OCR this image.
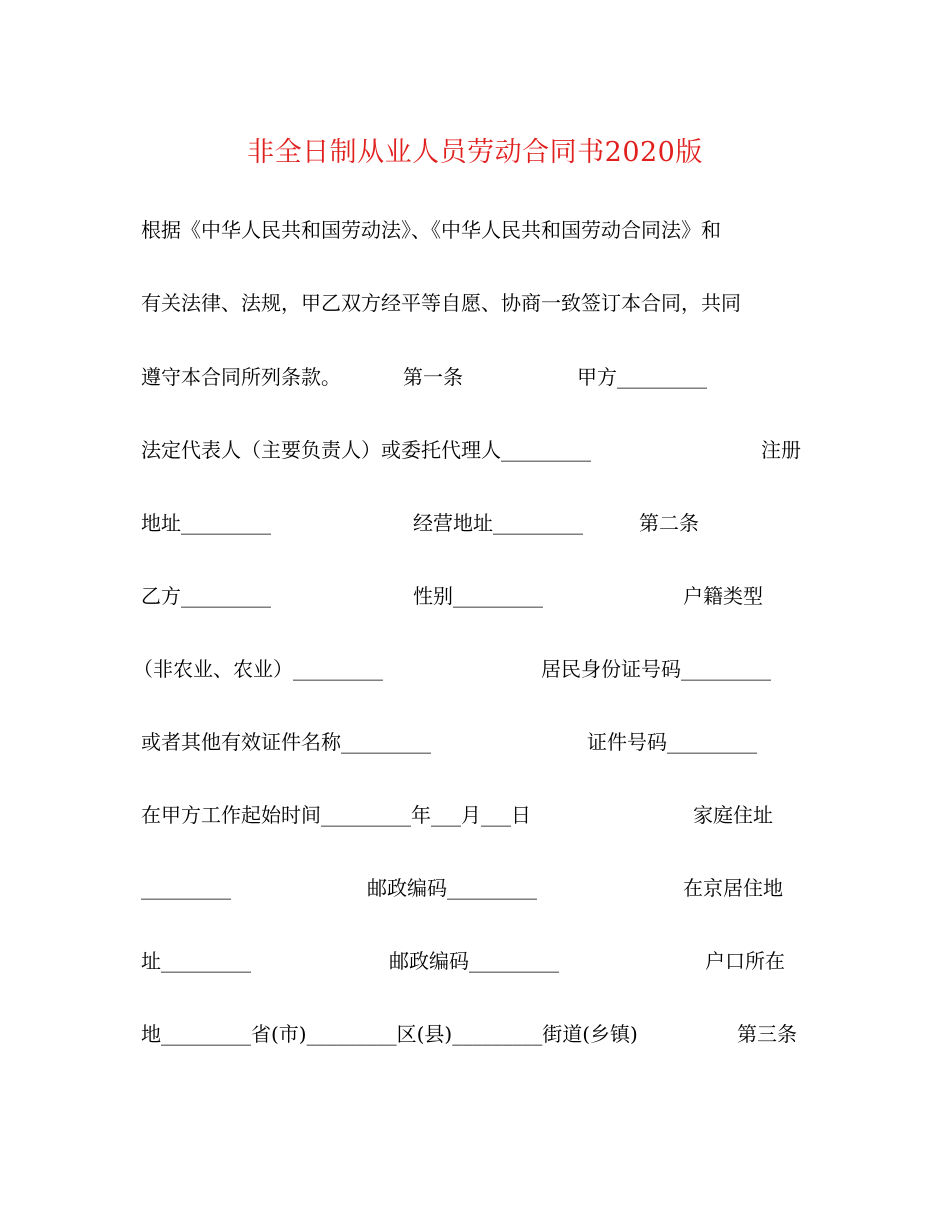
非全日制从业人员劳动合同书2020版
根据《中华人民共和国劳动法》、《中华人民共和国劳动合同法》和
有关法律、法规，甲乙双方经平等自愿、协商一致签订本合同，共同
遵守本合同所列条款。	第一条	甲方_________
法定代表人（主要负责人）或委托代理人_________	注册
地址_________	经营地址_________	第二条
乙方_________	性别_________	户籍类型
（非农业、农业）_________	居民身份证号码_________
或者其他有效证件名称_________	证件号码_________
在甲方工作起始时间_________年___月___日	家庭住址
_________	邮政编码_________	在京居住地
址_________	邮政编码_________	户口所在
地_________省(市)_________区(县)_________街道(乡镇)	第三条
